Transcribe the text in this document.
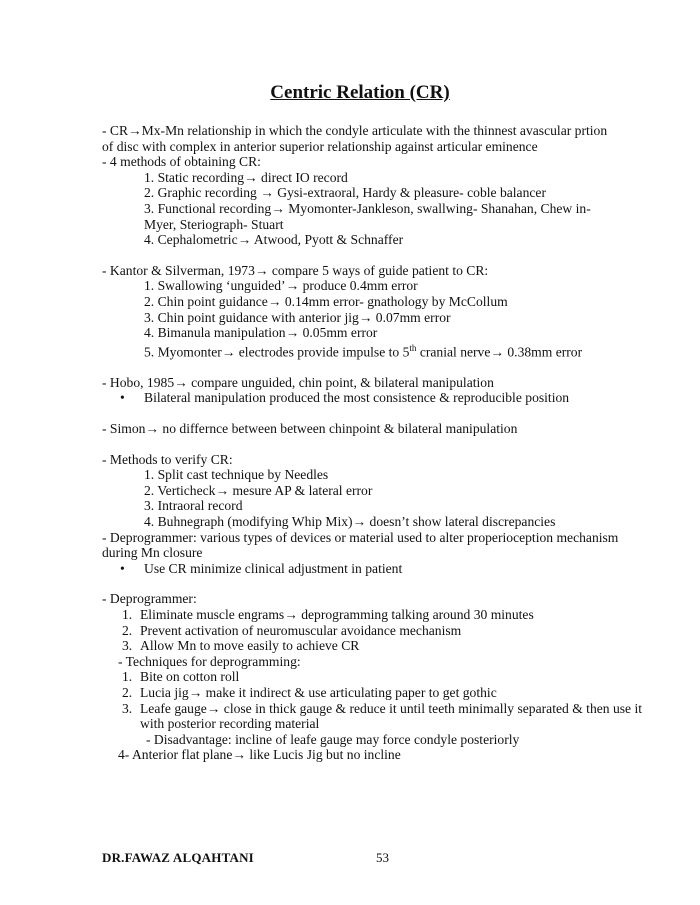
Centric Relation (CR)
- CR→Mx-Mn relationship in which the condyle articulate with the thinnest avascular prtion
of disc with complex in anterior superior relationship against articular eminence
- 4 methods of obtaining CR:
1. Static recording→ direct IO record
2. Graphic recording → Gysi-extraoral, Hardy & pleasure- coble balancer
3. Functional recording→ Myomonter-Jankleson, swallwing- Shanahan, Chew in-
Myer, Steriograph- Stuart
4. Cephalometric→ Atwood, Pyott & Schnaffer
- Kantor & Silverman, 1973→ compare 5 ways of guide patient to CR:
1. Swallowing ‘unguided’→ produce 0.4mm error
2. Chin point guidance→ 0.14mm error- gnathology by McCollum
3. Chin point guidance with anterior jig→ 0.07mm error
4. Bimanula manipulation→ 0.05mm error
5. Myomonter→ electrodes provide impulse to 5th cranial nerve→ 0.38mm error
- Hobo, 1985→ compare unguided, chin point, & bilateral manipulation
• Bilateral manipulation produced the most consistence & reproducible position
- Simon→ no differnce between between chinpoint & bilateral manipulation
- Methods to verify CR:
1. Split cast technique by Needles
2. Verticheck→ mesure AP & lateral error
3. Intraoral record
4. Buhnegraph (modifying Whip Mix)→ doesn’t show lateral discrepancies
- Deprogrammer: various types of devices or material used to alter properioception mechanism
during Mn closure
• Use CR minimize clinical adjustment in patient
- Deprogrammer:
1. Eliminate muscle engrams→ deprogramming talking around 30 minutes
2. Prevent activation of neuromuscular avoidance mechanism
3. Allow Mn to move easily to achieve CR
- Techniques for deprogramming:
1. Bite on cotton roll
2. Lucia jig→ make it indirect & use articulating paper to get gothic
3. Leafe gauge→ close in thick gauge & reduce it until teeth minimally separated & then use it
with posterior recording material
- Disadvantage: incline of leafe gauge may force condyle posteriorly
4- Anterior flat plane→ like Lucis Jig but no incline
DR.FAWAZ ALQAHTANI	53
